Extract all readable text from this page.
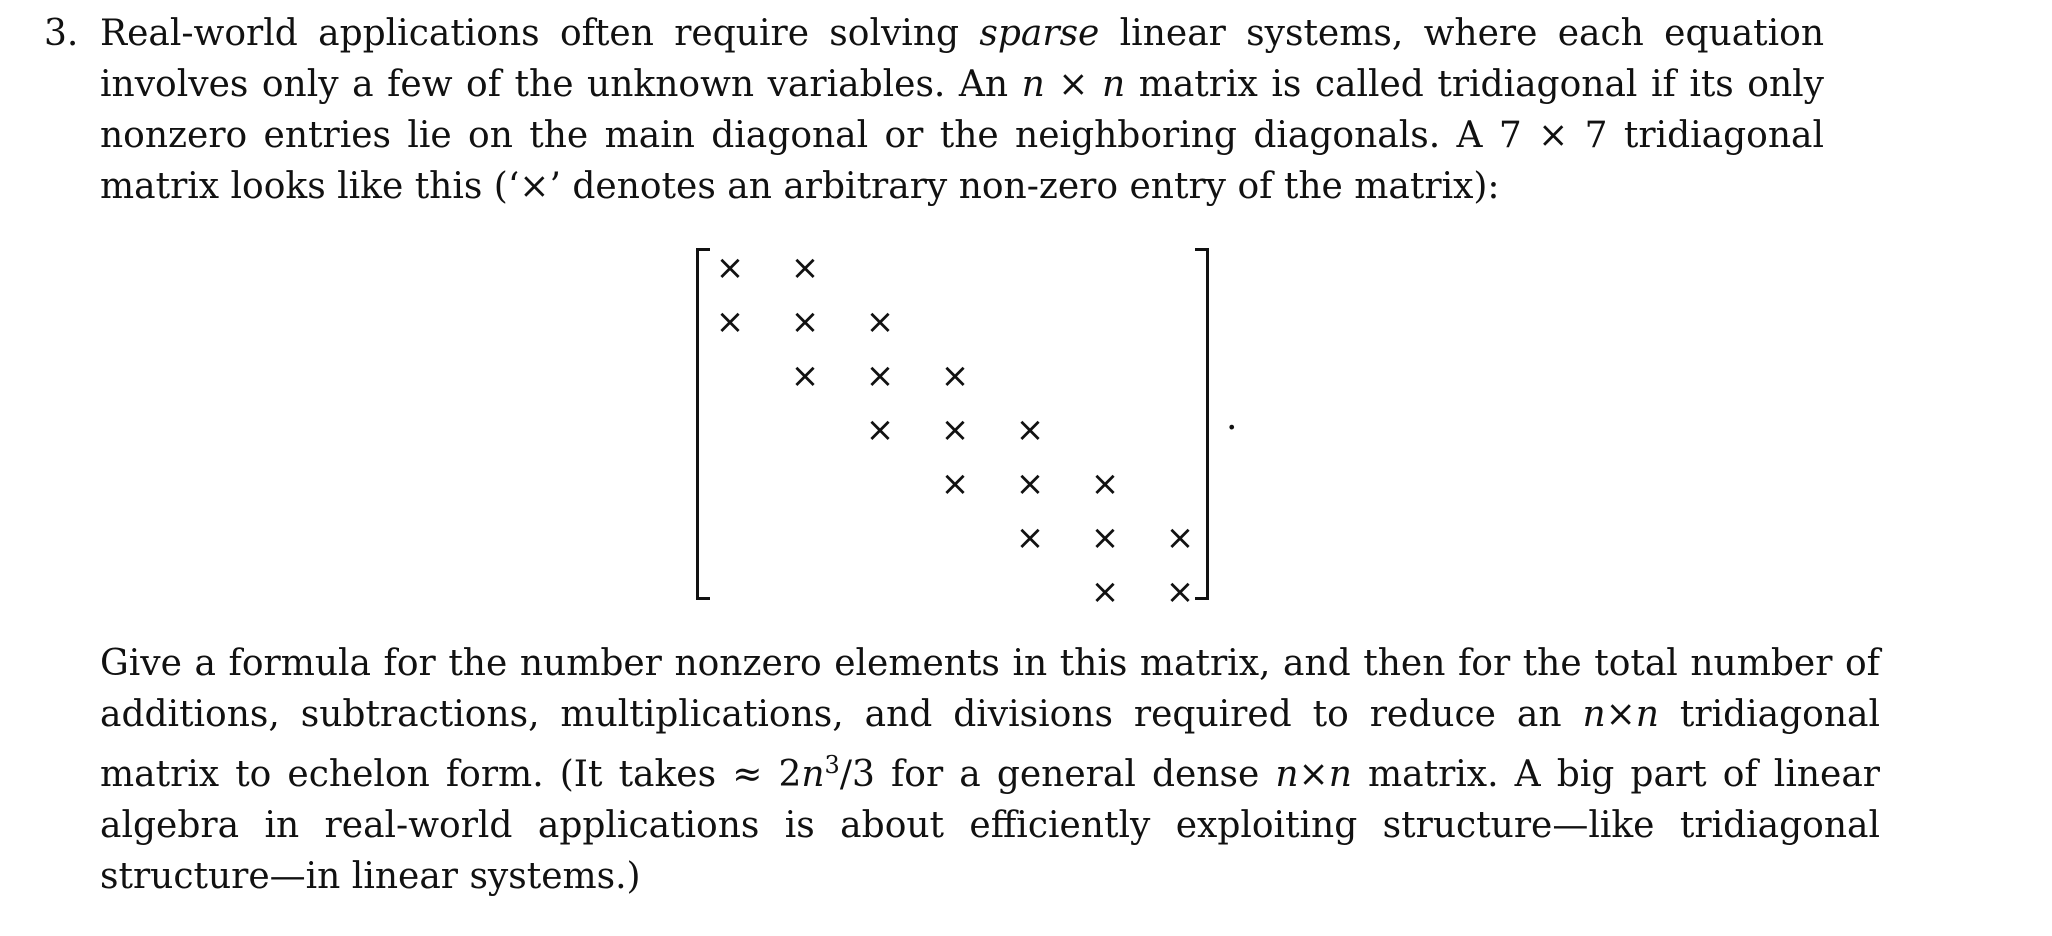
3. Real-world applications often require solving sparse linear systems, where each equation involves only a few of the unknown variables. An n × n matrix is called tridiagonal if its only nonzero entries lie on the main diagonal or the neighboring diagonals. A 7 × 7 tridiagonal matrix looks like this (‘×’ denotes an arbitrary non-zero entry of the matrix):

× ×
× × ×
× × ×
× × ×
× × ×
× × ×
× ×
.

Give a formula for the number nonzero elements in this matrix, and then for the total number of additions, subtractions, multiplications, and divisions required to reduce an n×n tridiagonal matrix to echelon form. (It takes ≈ $2n^3/3$ for a general dense n×n matrix. A big part of linear algebra in real-world applications is about efficiently exploiting structure—like tridiagonal structure—in linear systems.)
